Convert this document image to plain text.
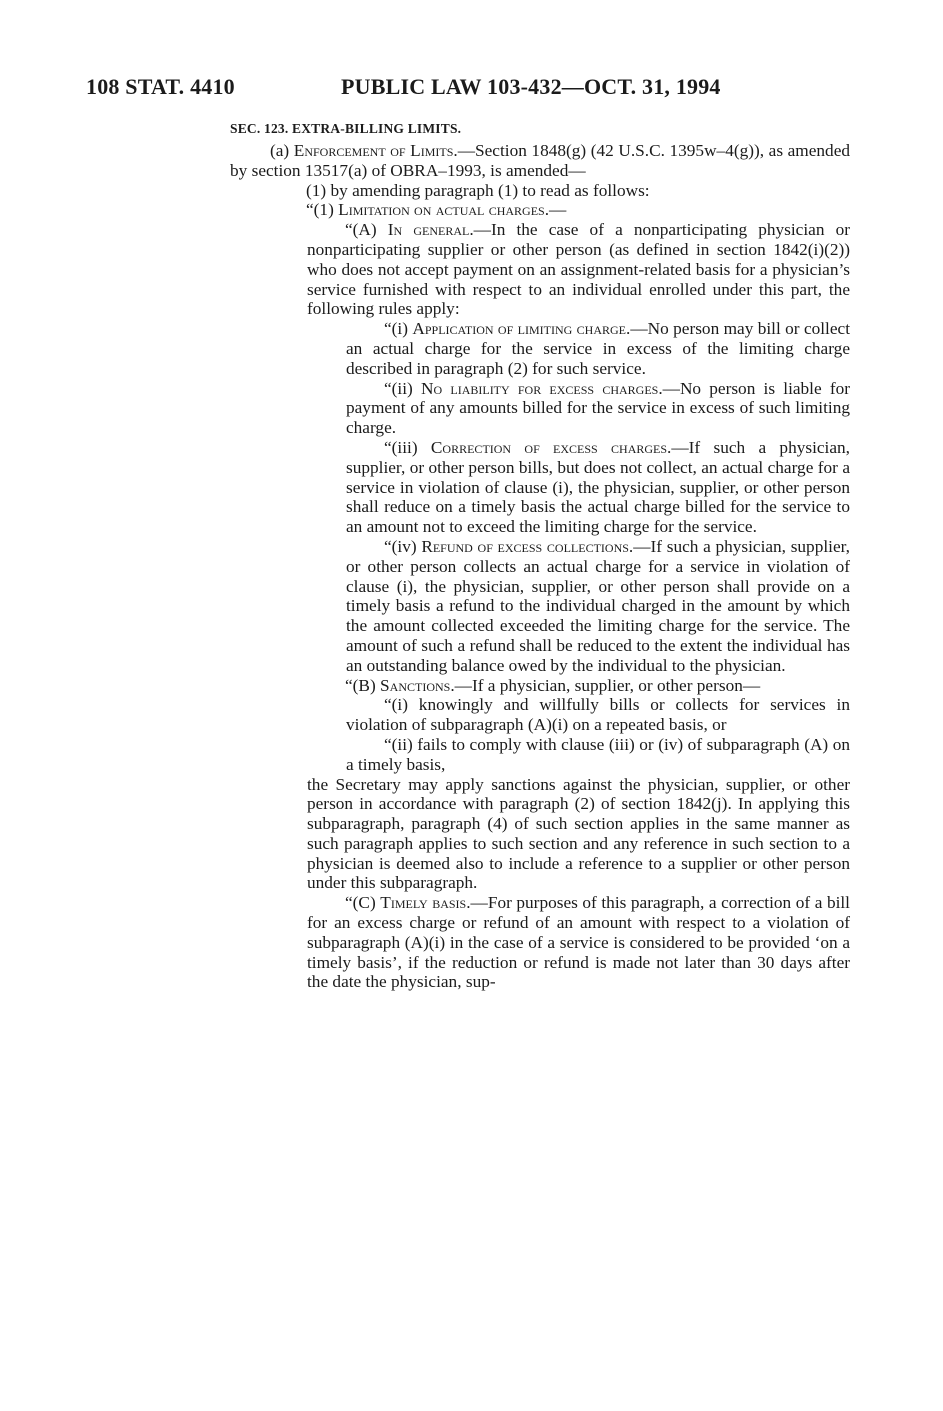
108 STAT. 4410	PUBLIC LAW 103-432—OCT. 31, 1994
SEC. 123. EXTRA-BILLING LIMITS.

(a) Enforcement of Limits.—Section 1848(g) (42 U.S.C. 1395w–4(g)), as amended by section 13517(a) of OBRA–1993, is amended—

(1) by amending paragraph (1) to read as follows:

“(1) Limitation on actual charges.—

“(A) In general.—In the case of a nonparticipating physician or nonparticipating supplier or other person (as defined in section 1842(i)(2)) who does not accept payment on an assignment-related basis for a physician’s service furnished with respect to an individual enrolled under this part, the following rules apply:

“(i) Application of limiting charge.—No person may bill or collect an actual charge for the service in excess of the limiting charge described in paragraph (2) for such service.

“(ii) No liability for excess charges.—No person is liable for payment of any amounts billed for the service in excess of such limiting charge.

“(iii) Correction of excess charges.—If such a physician, supplier, or other person bills, but does not collect, an actual charge for a service in violation of clause (i), the physician, supplier, or other person shall reduce on a timely basis the actual charge billed for the service to an amount not to exceed the limiting charge for the service.

“(iv) Refund of excess collections.—If such a physician, supplier, or other person collects an actual charge for a service in violation of clause (i), the physician, supplier, or other person shall provide on a timely basis a refund to the individual charged in the amount by which the amount collected exceeded the limiting charge for the service. The amount of such a refund shall be reduced to the extent the individual has an outstanding balance owed by the individual to the physician.

“(B) Sanctions.—If a physician, supplier, or other person—

“(i) knowingly and willfully bills or collects for services in violation of subparagraph (A)(i) on a repeated basis, or

“(ii) fails to comply with clause (iii) or (iv) of subparagraph (A) on a timely basis,

the Secretary may apply sanctions against the physician, supplier, or other person in accordance with paragraph (2) of section 1842(j). In applying this subparagraph, paragraph (4) of such section applies in the same manner as such paragraph applies to such section and any reference in such section to a physician is deemed also to include a reference to a supplier or other person under this subparagraph.

“(C) Timely basis.—For purposes of this paragraph, a correction of a bill for an excess charge or refund of an amount with respect to a violation of subparagraph (A)(i) in the case of a service is considered to be provided ‘on a timely basis’, if the reduction or refund is made not later than 30 days after the date the physician, sup-
